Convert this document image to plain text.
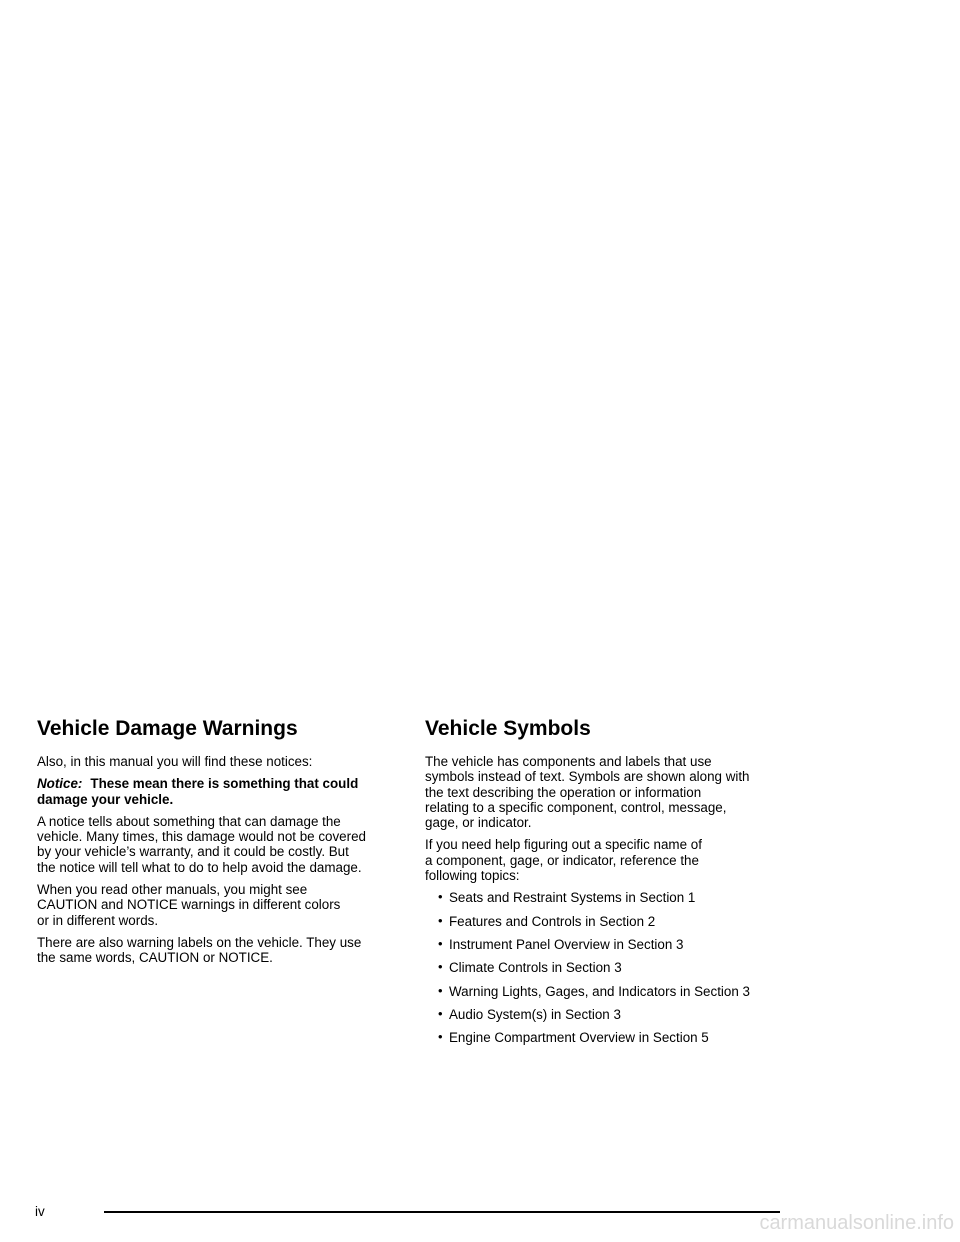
Vehicle Damage Warnings

Also, in this manual you will find these notices:

Notice: These mean there is something that could
damage your vehicle.

A notice tells about something that can damage the
vehicle. Many times, this damage would not be covered
by your vehicle’s warranty, and it could be costly. But
the notice will tell what to do to help avoid the damage.

When you read other manuals, you might see
CAUTION and NOTICE warnings in different colors
or in different words.

There are also warning labels on the vehicle. They use
the same words, CAUTION or NOTICE.

Vehicle Symbols

The vehicle has components and labels that use
symbols instead of text. Symbols are shown along with
the text describing the operation or information
relating to a specific component, control, message,
gage, or indicator.

If you need help figuring out a specific name of
a component, gage, or indicator, reference the
following topics:

• Seats and Restraint Systems in Section 1
• Features and Controls in Section 2
• Instrument Panel Overview in Section 3
• Climate Controls in Section 3
• Warning Lights, Gages, and Indicators in Section 3
• Audio System(s) in Section 3
• Engine Compartment Overview in Section 5
iv
carmanualsonline.info
